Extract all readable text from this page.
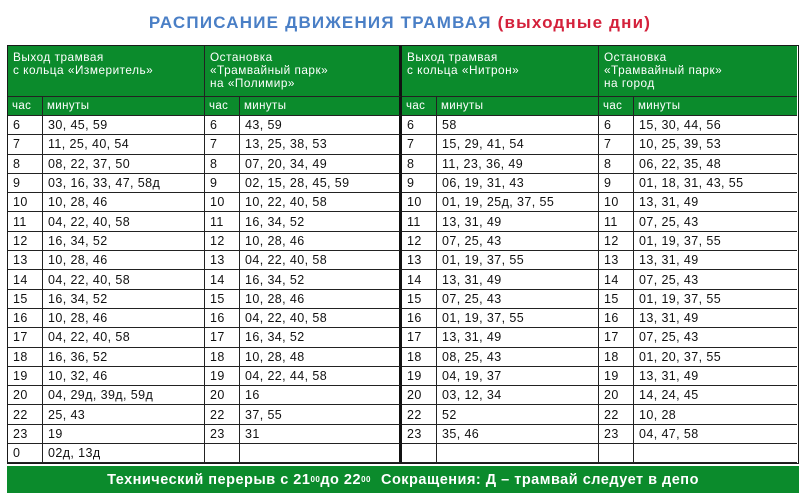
РАСПИСАНИЕ ДВИЖЕНИЯ ТРАМВАЯ (выходные дни)
Выход трамвая
с кольца «Измеритель»
Остановка
«Трамвайный парк»
на «Полимир»
Выход трамвая
с кольца «Нитрон»
Остановка
«Трамвайный парк»
на город
час	минуты	час	минуты	час	минуты	час	минуты
6	30, 45, 59	6	43, 59	6	58	6	15, 30, 44, 56
7	11, 25, 40, 54	7	13, 25, 38, 53	7	15, 29, 41, 54	7	10, 25, 39, 53
8	08, 22, 37, 50	8	07, 20, 34, 49	8	11, 23, 36, 49	8	06, 22, 35, 48
9	03, 16, 33, 47, 58д	9	02, 15, 28, 45, 59	9	06, 19, 31, 43	9	01, 18, 31, 43, 55
10	10, 28, 46	10	10, 22, 40, 58	10	01, 19, 25д, 37, 55	10	13, 31, 49
11	04, 22, 40, 58	11	16, 34, 52	11	13, 31, 49	11	07, 25, 43
12	16, 34, 52	12	10, 28, 46	12	07, 25, 43	12	01, 19, 37, 55
13	10, 28, 46	13	04, 22, 40, 58	13	01, 19, 37, 55	13	13, 31, 49
14	04, 22, 40, 58	14	16, 34, 52	14	13, 31, 49	14	07, 25, 43
15	16, 34, 52	15	10, 28, 46	15	07, 25, 43	15	01, 19, 37, 55
16	10, 28, 46	16	04, 22, 40, 58	16	01, 19, 37, 55	16	13, 31, 49
17	04, 22, 40, 58	17	16, 34, 52	17	13, 31, 49	17	07, 25, 43
18	16, 36, 52	18	10, 28, 48	18	08, 25, 43	18	01, 20, 37, 55
19	10, 32, 46	19	04, 22, 44, 58	19	04, 19, 37	19	13, 31, 49
20	04, 29д, 39д, 59д	20	16	20	03, 12, 34	20	14, 24, 45
22	25, 43	22	37, 55	22	52	22	10, 28
23	19	23	31	23	35, 46	23	04, 47, 58
0	02д, 13д
Технический перерыв с 21 00 до 22 00 Сокращения: Д – трамвай следует в депо
